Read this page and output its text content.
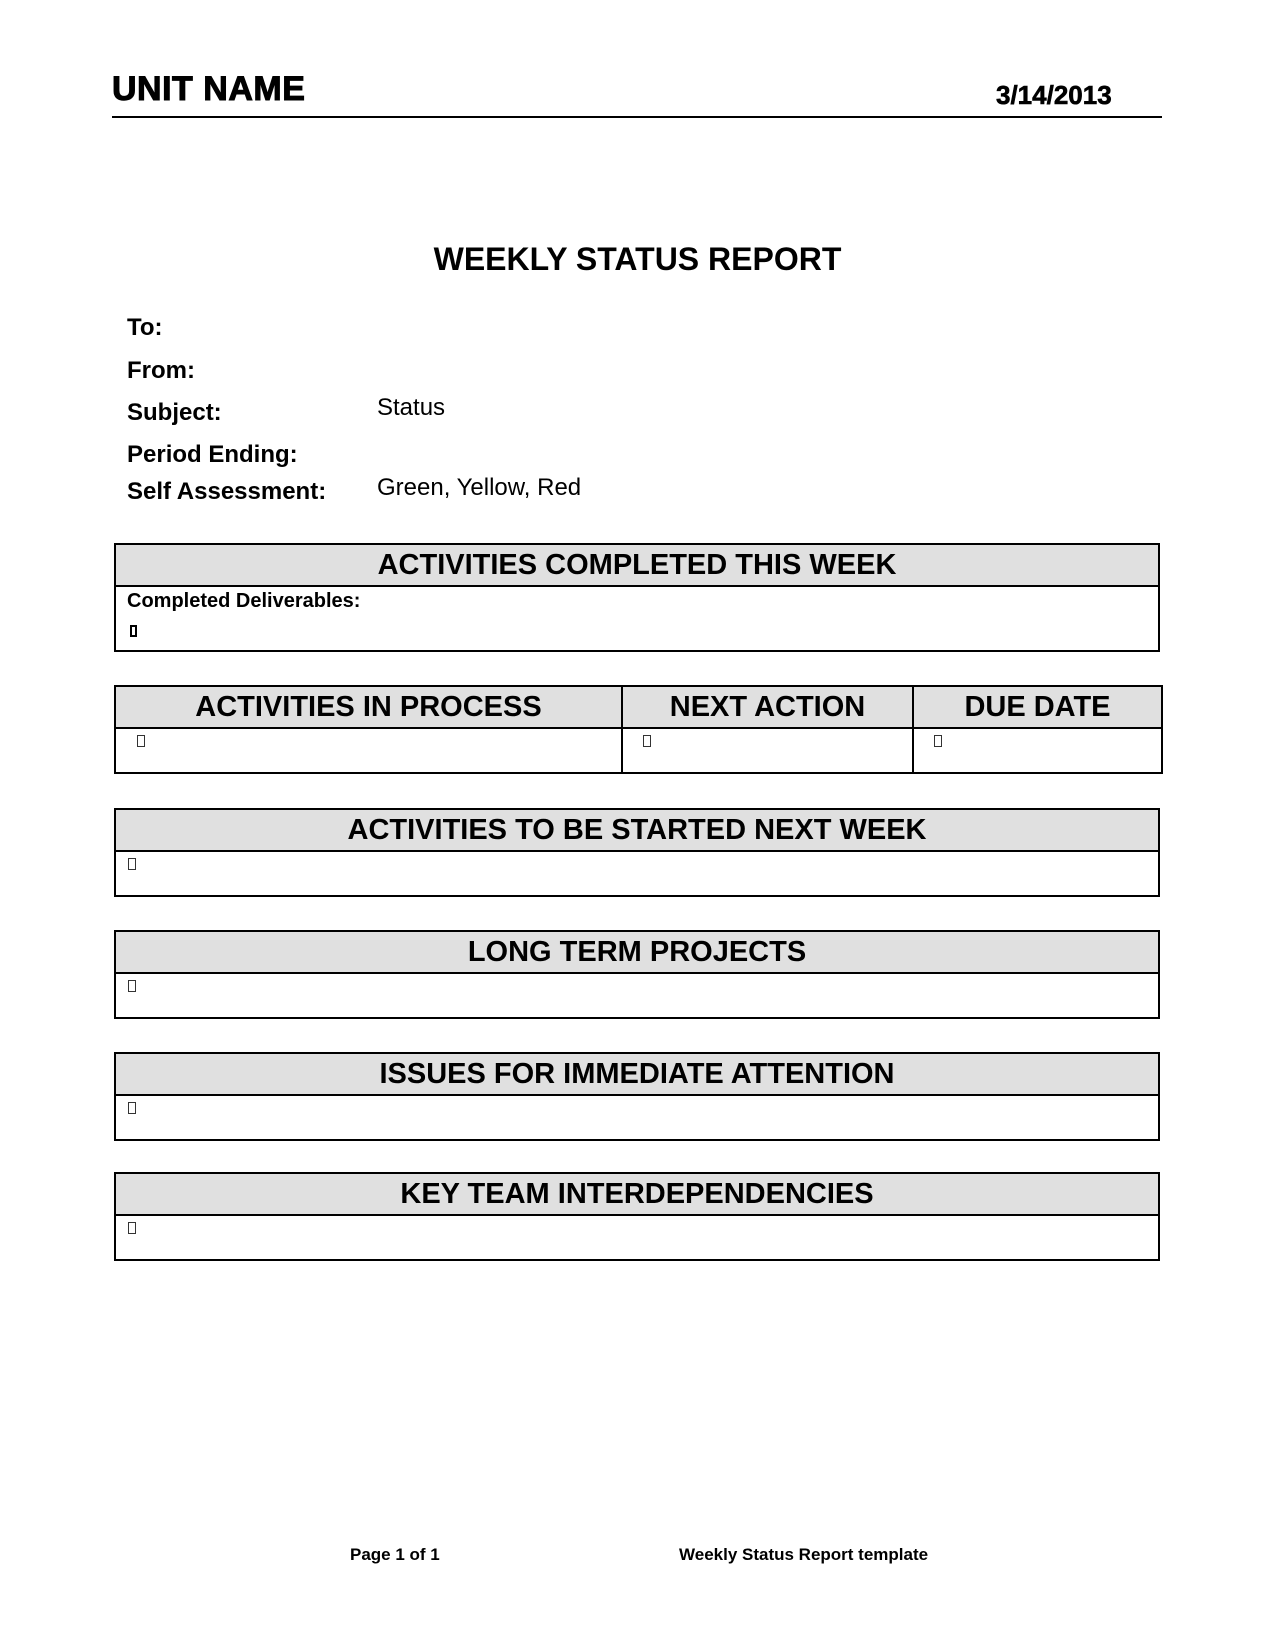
UNIT NAME	3/14/2013
WEEKLY STATUS REPORT
To:
From:
Subject:	Status
Period Ending:
Self Assessment: Green, Yellow, Red
ACTIVITIES COMPLETED THIS WEEK
Completed Deliverables:
ACTIVITIES IN PROCESS	NEXT ACTION	DUE DATE
ACTIVITIES TO BE STARTED NEXT WEEK
LONG TERM PROJECTS
ISSUES FOR IMMEDIATE ATTENTION
KEY TEAM INTERDEPENDENCIES
Page 1 of 1	Weekly Status Report template
